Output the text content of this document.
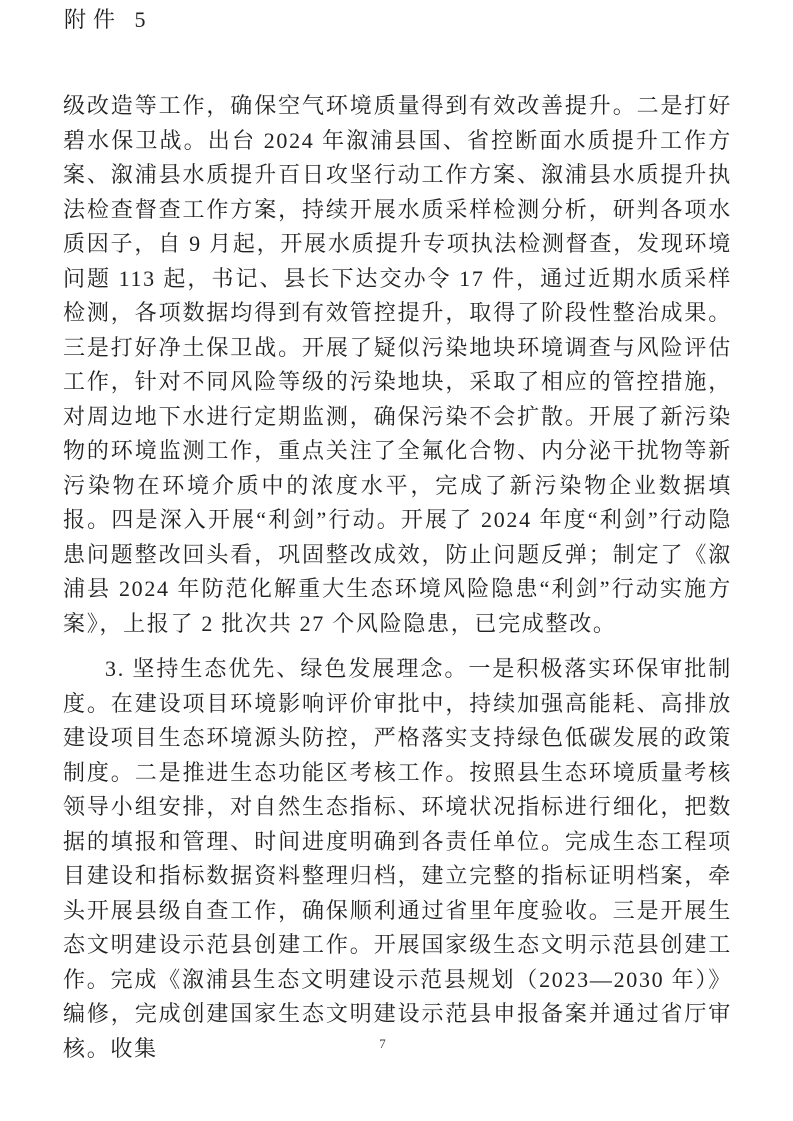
附件 5

级改造等工作，确保空气环境质量得到有效改善提升。二是打好碧水保卫战。出台 2024 年溆浦县国、省控断面水质提升工作方案、溆浦县水质提升百日攻坚行动工作方案、溆浦县水质提升执法检查督查工作方案，持续开展水质采样检测分析，研判各项水质因子，自 9 月起，开展水质提升专项执法检测督查，发现环境问题 113 起，书记、县长下达交办令 17 件，通过近期水质采样检测，各项数据均得到有效管控提升，取得了阶段性整治成果。三是打好净土保卫战。开展了疑似污染地块环境调查与风险评估工作，针对不同风险等级的污染地块，采取了相应的管控措施，对周边地下水进行定期监测，确保污染不会扩散。开展了新污染物的环境监测工作，重点关注了全氟化合物、内分泌干扰物等新污染物在环境介质中的浓度水平，完成了新污染物企业数据填报。四是深入开展“利剑”行动。开展了 2024 年度“利剑”行动隐患问题整改回头看，巩固整改成效，防止问题反弹；制定了《溆浦县 2024 年防范化解重大生态环境风险隐患“利剑”行动实施方案》，上报了 2 批次共 27 个风险隐患，已完成整改。

3. 坚持生态优先、绿色发展理念。一是积极落实环保审批制度。在建设项目环境影响评价审批中，持续加强高能耗、高排放建设项目生态环境源头防控，严格落实支持绿色低碳发展的政策制度。二是推进生态功能区考核工作。按照县生态环境质量考核领导小组安排，对自然生态指标、环境状况指标进行细化，把数据的填报和管理、时间进度明确到各责任单位。完成生态工程项目建设和指标数据资料整理归档，建立完整的指标证明档案，牵头开展县级自查工作，确保顺利通过省里年度验收。三是开展生态文明建设示范县创建工作。开展国家级生态文明示范县创建工作。完成《溆浦县生态文明建设示范县规划（2023—2030 年）》编修，完成创建国家生态文明建设示范县申报备案并通过省厅审核。收集	7
